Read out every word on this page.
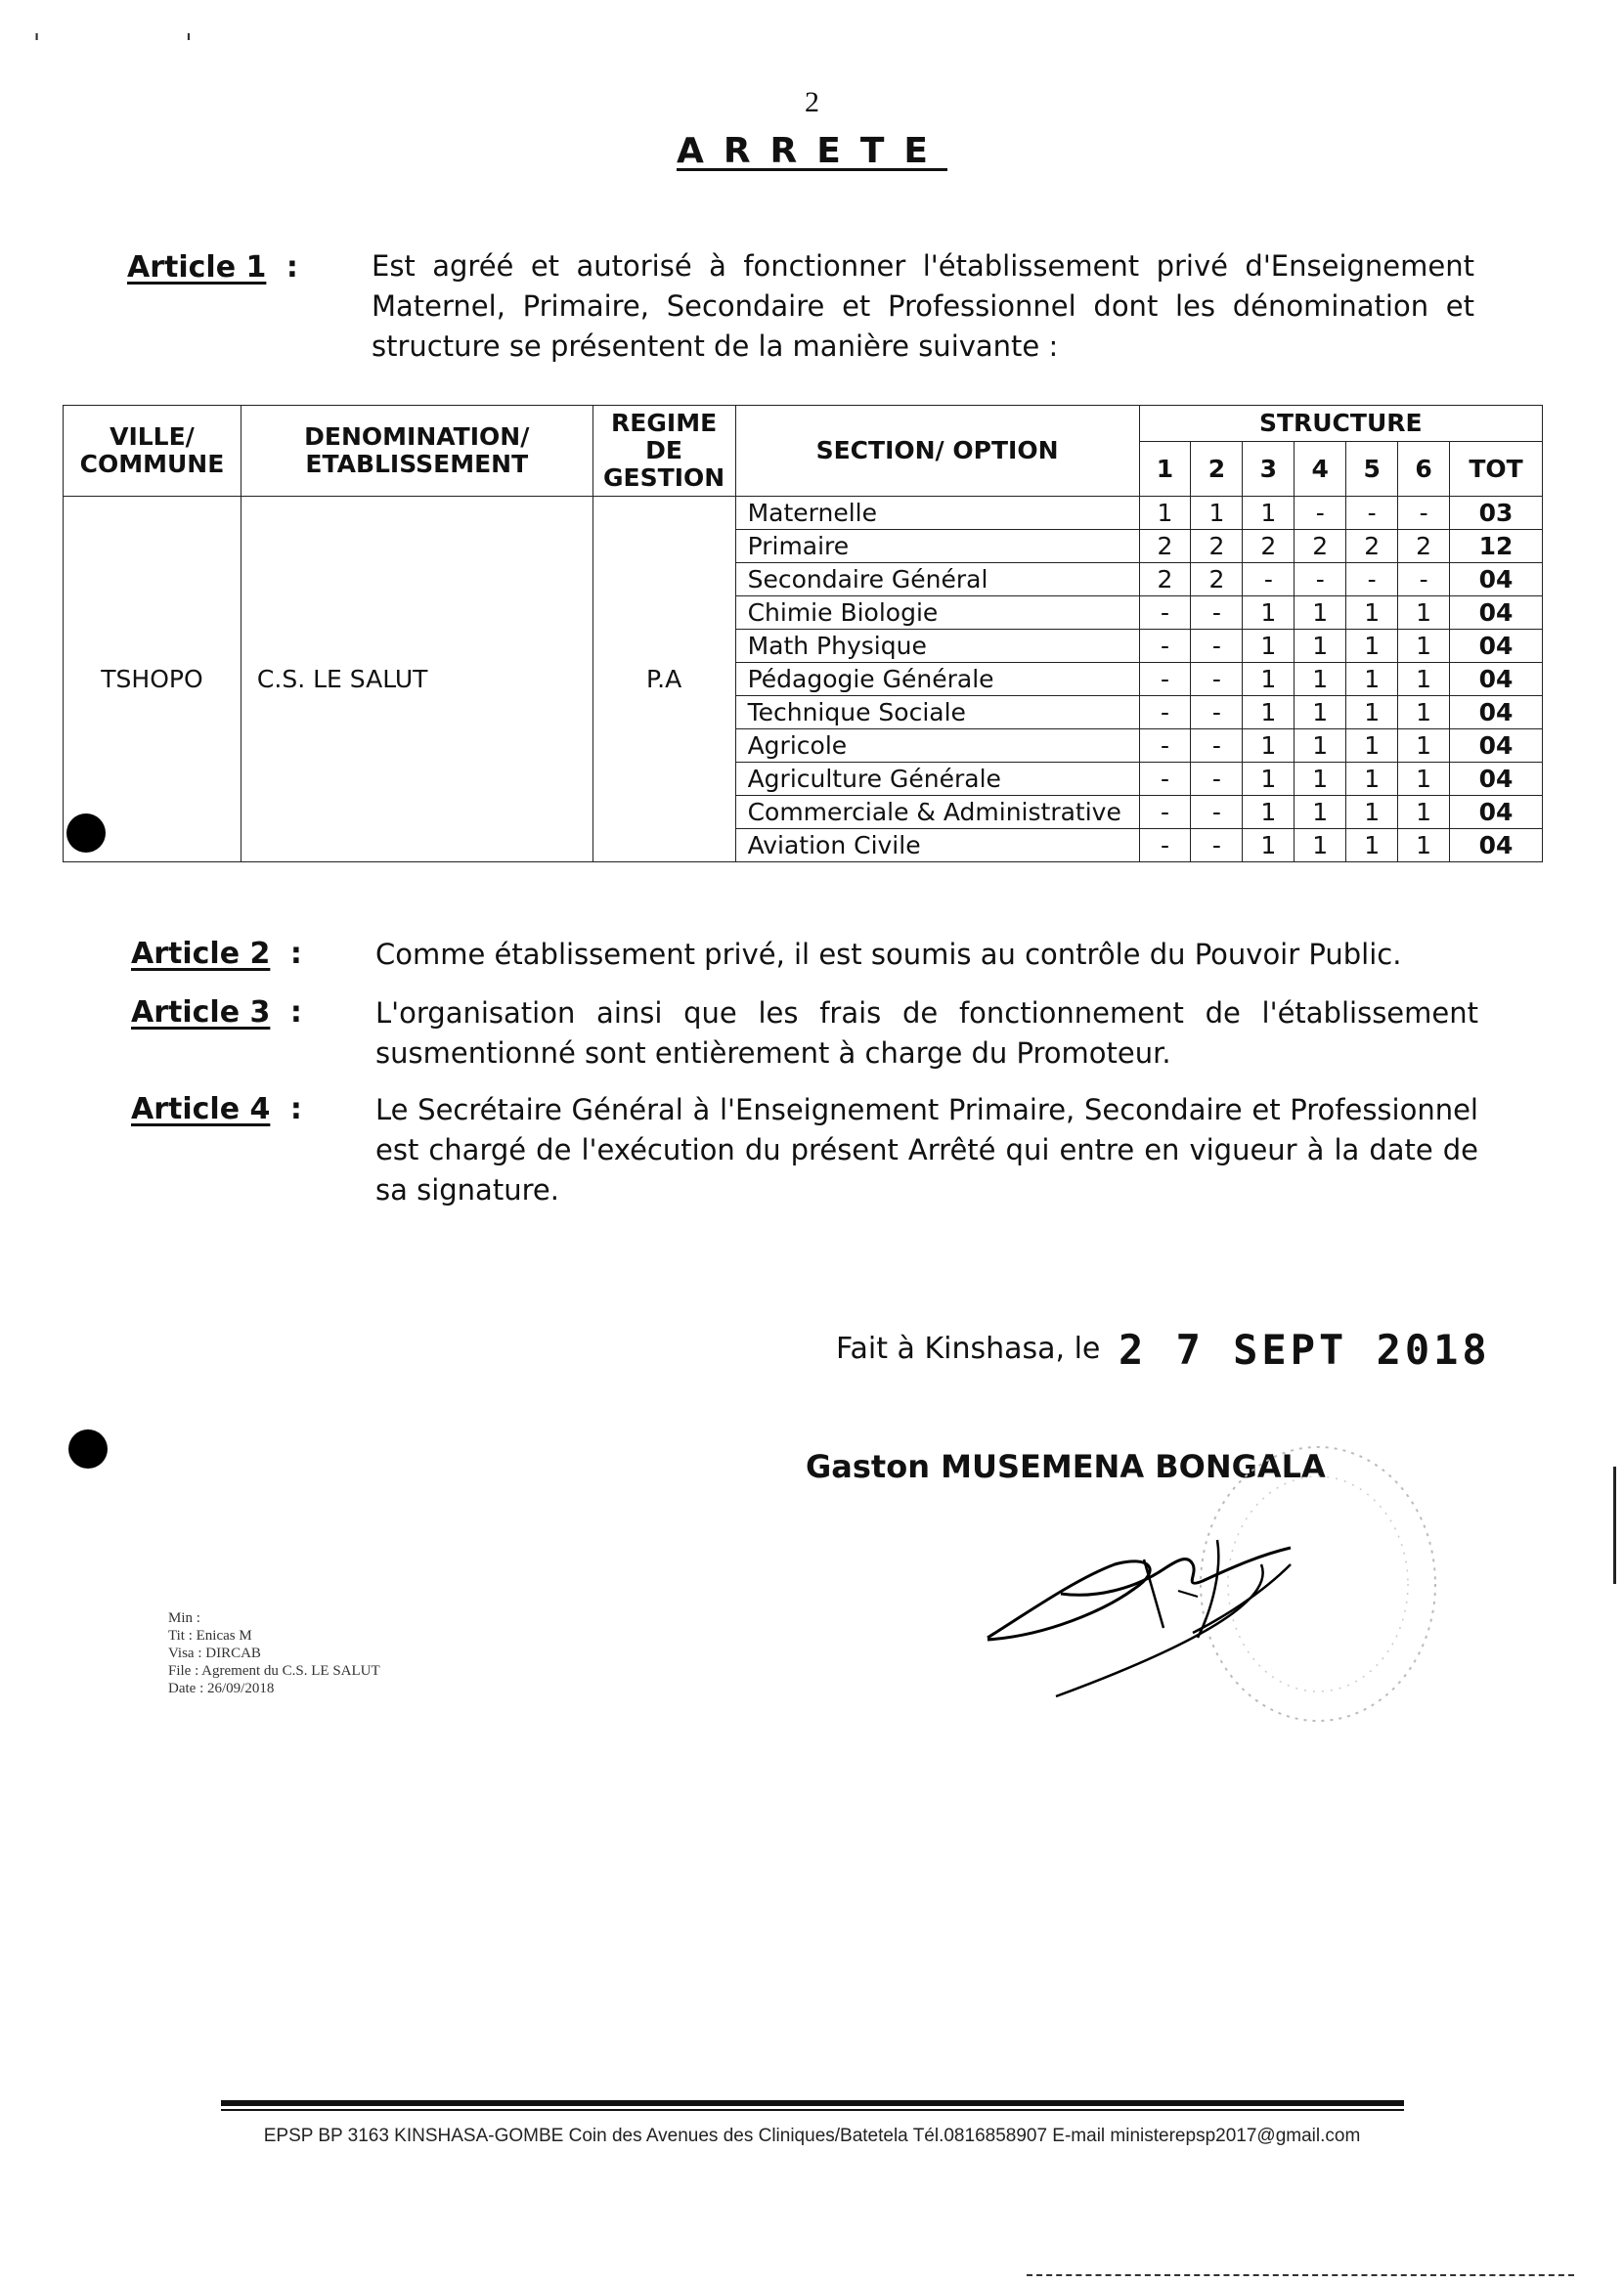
' '
2
ARRETE
Article 1 :	Est agréé et autorisé à fonctionner l'établissement privé d'Enseignement Maternel, Primaire, Secondaire et Professionnel dont les dénomination et structure se présentent de la manière suivante :
VILLE/ COMMUNE	DENOMINATION/ ETABLISSEMENT	REGIME DE GESTION	SECTION/ OPTION	STRUCTURE						
				1	2	3	4	5	6	TOT
TSHOPO	C.S. LE SALUT	P.A	Maternelle	1	1	1	-	-	-	03
			Primaire	2	2	2	2	2	2	12
			Secondaire Général	2	2	-	-	-	-	04
			Chimie Biologie	-	-	1	1	1	1	04
			Math Physique	-	-	1	1	1	1	04
			Pédagogie Générale	-	-	1	1	1	1	04
			Technique Sociale	-	-	1	1	1	1	04
			Agricole	-	-	1	1	1	1	04
			Agriculture Générale	-	-	1	1	1	1	04
			Commerciale & Administrative	-	-	1	1	1	1	04
			Aviation Civile	-	-	1	1	1	1	04
Article 2 :	Comme établissement privé, il est soumis au contrôle du Pouvoir Public.
Article 3 :	L'organisation ainsi que les frais de fonctionnement de l'établissement susmentionné sont entièrement à charge du Promoteur.
Article 4 :	Le Secrétaire Général à l'Enseignement Primaire, Secondaire et Professionnel est chargé de l'exécution du présent Arrêté qui entre en vigueur à la date de sa signature.
Fait à Kinshasa, le 2 7 SEPT 2018
Gaston MUSEMENA BONGALA
Min :
Tit : Enicas M
Visa : DIRCAB
File : Agrement du C.S. LE SALUT
Date : 26/09/2018
EPSP BP 3163 KINSHASA-GOMBE Coin des Avenues des Cliniques/Batetela Tél.0816858907 E-mail ministerepsp2017@gmail.com
